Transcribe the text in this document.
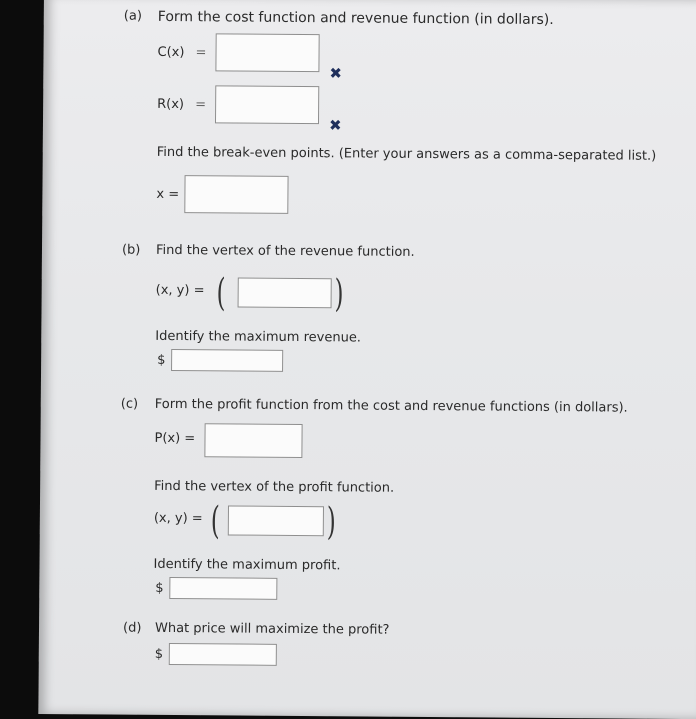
(a) Form the cost function and revenue function (in dollars).
C(x) =
✖
R(x) =
✖
Find the break-even points. (Enter your answers as a comma-separated list.)
x =
(b) Find the vertex of the revenue function.
(x, y) = (	)
Identify the maximum revenue.
$
(c) Form the profit function from the cost and revenue functions (in dollars).
P(x) =
Find the vertex of the profit function.
(x, y) = (	)
Identify the maximum profit.
$
(d) What price will maximize the profit?
$
